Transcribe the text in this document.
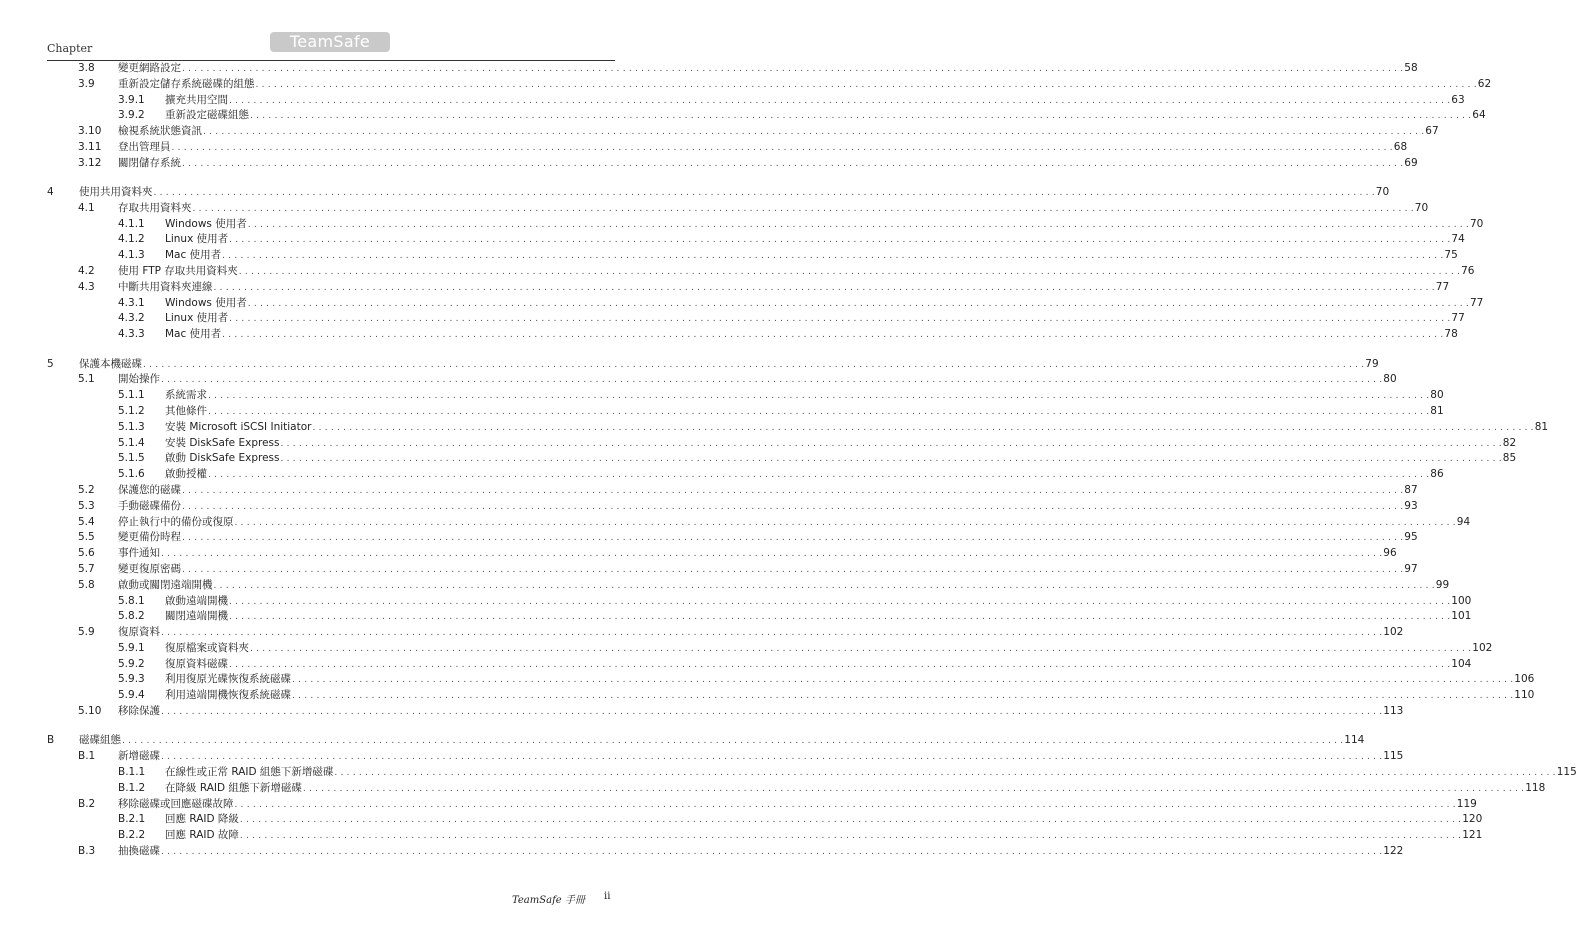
Chapter	TeamSafe
3.8 變更網路設定 . . . . . . . . . . . . . . . . . . . . . . . . . . . . . . . . . . . . . . . . . . . . . . . . . . . . . . . . . . . . . . . . . . . . . . . . . . . . . . . . . . . . . . . . . . . . . . . . . . . . . . . . . . . . . . . . . . . . . . . . . . . . . . . . . . . . . . . . . . . . . . . . . . . . . . . . . . . . . . . . . . . . . . . . . . . . . . . . . . . . . . . . . . . . . . . . . . . . . . . . 58
3.9 重新設定儲存系統磁碟的組態 . . . . . . . . . . . . . . . . . . . . . . . . . . . . . . . . . . . . . . . . . . . . . . . . . . . . . . . . . . . . . . . . . . . . . . . . . . . . . . . . . . . . . . . . . . . . . . . . . . . . . . . . . . . . . . . . . . . . . . . . . . . . . . . . . . . . . . . . . . . . . . . . . . . . . . . . . . . . . . . . . . . . . . . . . . . . . . . . . . . . . . . . . . . . . . . . . . . . . . . . 62
3.9.1 擴充共用空間 . . . . . . . . . . . . . . . . . . . . . . . . . . . . . . . . . . . . . . . . . . . . . . . . . . . . . . . . . . . . . . . . . . . . . . . . . . . . . . . . . . . . . . . . . . . . . . . . . . . . . . . . . . . . . . . . . . . . . . . . . . . . . . . . . . . . . . . . . . . . . . . . . . . . . . . . . . . . . . . . . . . . . . . . . . . . . . . . . . . . . . . . . . . . . . . . . . . . . . . . 63
3.9.2 重新設定磁碟組態 . . . . . . . . . . . . . . . . . . . . . . . . . . . . . . . . . . . . . . . . . . . . . . . . . . . . . . . . . . . . . . . . . . . . . . . . . . . . . . . . . . . . . . . . . . . . . . . . . . . . . . . . . . . . . . . . . . . . . . . . . . . . . . . . . . . . . . . . . . . . . . . . . . . . . . . . . . . . . . . . . . . . . . . . . . . . . . . . . . . . . . . . . . . . . . . . . . . . . . . . 64
3.10 檢視系統狀態資訊 . . . . . . . . . . . . . . . . . . . . . . . . . . . . . . . . . . . . . . . . . . . . . . . . . . . . . . . . . . . . . . . . . . . . . . . . . . . . . . . . . . . . . . . . . . . . . . . . . . . . . . . . . . . . . . . . . . . . . . . . . . . . . . . . . . . . . . . . . . . . . . . . . . . . . . . . . . . . . . . . . . . . . . . . . . . . . . . . . . . . . . . . . . . . . . . . . . . . . . . . 67
3.11 登出管理員 . . . . . . . . . . . . . . . . . . . . . . . . . . . . . . . . . . . . . . . . . . . . . . . . . . . . . . . . . . . . . . . . . . . . . . . . . . . . . . . . . . . . . . . . . . . . . . . . . . . . . . . . . . . . . . . . . . . . . . . . . . . . . . . . . . . . . . . . . . . . . . . . . . . . . . . . . . . . . . . . . . . . . . . . . . . . . . . . . . . . . . . . . . . . . . . . . . . . . . . . 68
3.12 關閉儲存系統 . . . . . . . . . . . . . . . . . . . . . . . . . . . . . . . . . . . . . . . . . . . . . . . . . . . . . . . . . . . . . . . . . . . . . . . . . . . . . . . . . . . . . . . . . . . . . . . . . . . . . . . . . . . . . . . . . . . . . . . . . . . . . . . . . . . . . . . . . . . . . . . . . . . . . . . . . . . . . . . . . . . . . . . . . . . . . . . . . . . . . . . . . . . . . . . . . . . . . . . . 69
4 使用共用資料夾 . . . . . . . . . . . . . . . . . . . . . . . . . . . . . . . . . . . . . . . . . . . . . . . . . . . . . . . . . . . . . . . . . . . . . . . . . . . . . . . . . . . . . . . . . . . . . . . . . . . . . . . . . . . . . . . . . . . . . . . . . . . . . . . . . . . . . . . . . . . . . . . . . . . . . . . . . . . . . . . . . . . . . . . . . . . . . . . . . . . . . . . . . . . . . . . . . . . . . . . . 70
4.1 存取共用資料夾 . . . . . . . . . . . . . . . . . . . . . . . . . . . . . . . . . . . . . . . . . . . . . . . . . . . . . . . . . . . . . . . . . . . . . . . . . . . . . . . . . . . . . . . . . . . . . . . . . . . . . . . . . . . . . . . . . . . . . . . . . . . . . . . . . . . . . . . . . . . . . . . . . . . . . . . . . . . . . . . . . . . . . . . . . . . . . . . . . . . . . . . . . . . . . . . . . . . . . . . . 70
4.1.1 Windows 使用者 . . . . . . . . . . . . . . . . . . . . . . . . . . . . . . . . . . . . . . . . . . . . . . . . . . . . . . . . . . . . . . . . . . . . . . . . . . . . . . . . . . . . . . . . . . . . . . . . . . . . . . . . . . . . . . . . . . . . . . . . . . . . . . . . . . . . . . . . . . . . . . . . . . . . . . . . . . . . . . . . . . . . . . . . . . . . . . . . . . . . . . . . . . . . . . . . . . . . . . . . 70
4.1.2 Linux 使用者 . . . . . . . . . . . . . . . . . . . . . . . . . . . . . . . . . . . . . . . . . . . . . . . . . . . . . . . . . . . . . . . . . . . . . . . . . . . . . . . . . . . . . . . . . . . . . . . . . . . . . . . . . . . . . . . . . . . . . . . . . . . . . . . . . . . . . . . . . . . . . . . . . . . . . . . . . . . . . . . . . . . . . . . . . . . . . . . . . . . . . . . . . . . . . . . . . . . . . . . . 74
4.1.3 Mac 使用者 . . . . . . . . . . . . . . . . . . . . . . . . . . . . . . . . . . . . . . . . . . . . . . . . . . . . . . . . . . . . . . . . . . . . . . . . . . . . . . . . . . . . . . . . . . . . . . . . . . . . . . . . . . . . . . . . . . . . . . . . . . . . . . . . . . . . . . . . . . . . . . . . . . . . . . . . . . . . . . . . . . . . . . . . . . . . . . . . . . . . . . . . . . . . . . . . . . . . . . . . 75
4.2 使用 FTP 存取共用資料夾 . . . . . . . . . . . . . . . . . . . . . . . . . . . . . . . . . . . . . . . . . . . . . . . . . . . . . . . . . . . . . . . . . . . . . . . . . . . . . . . . . . . . . . . . . . . . . . . . . . . . . . . . . . . . . . . . . . . . . . . . . . . . . . . . . . . . . . . . . . . . . . . . . . . . . . . . . . . . . . . . . . . . . . . . . . . . . . . . . . . . . . . . . . . . . . . . . . . . . . . . 76
4.3 中斷共用資料夾連線 . . . . . . . . . . . . . . . . . . . . . . . . . . . . . . . . . . . . . . . . . . . . . . . . . . . . . . . . . . . . . . . . . . . . . . . . . . . . . . . . . . . . . . . . . . . . . . . . . . . . . . . . . . . . . . . . . . . . . . . . . . . . . . . . . . . . . . . . . . . . . . . . . . . . . . . . . . . . . . . . . . . . . . . . . . . . . . . . . . . . . . . . . . . . . . . . . . . . . . . . 77
4.3.1 Windows 使用者 . . . . . . . . . . . . . . . . . . . . . . . . . . . . . . . . . . . . . . . . . . . . . . . . . . . . . . . . . . . . . . . . . . . . . . . . . . . . . . . . . . . . . . . . . . . . . . . . . . . . . . . . . . . . . . . . . . . . . . . . . . . . . . . . . . . . . . . . . . . . . . . . . . . . . . . . . . . . . . . . . . . . . . . . . . . . . . . . . . . . . . . . . . . . . . . . . . . . . . . . 77
4.3.2 Linux 使用者 . . . . . . . . . . . . . . . . . . . . . . . . . . . . . . . . . . . . . . . . . . . . . . . . . . . . . . . . . . . . . . . . . . . . . . . . . . . . . . . . . . . . . . . . . . . . . . . . . . . . . . . . . . . . . . . . . . . . . . . . . . . . . . . . . . . . . . . . . . . . . . . . . . . . . . . . . . . . . . . . . . . . . . . . . . . . . . . . . . . . . . . . . . . . . . . . . . . . . . . . 77
4.3.3 Mac 使用者 . . . . . . . . . . . . . . . . . . . . . . . . . . . . . . . . . . . . . . . . . . . . . . . . . . . . . . . . . . . . . . . . . . . . . . . . . . . . . . . . . . . . . . . . . . . . . . . . . . . . . . . . . . . . . . . . . . . . . . . . . . . . . . . . . . . . . . . . . . . . . . . . . . . . . . . . . . . . . . . . . . . . . . . . . . . . . . . . . . . . . . . . . . . . . . . . . . . . . . . . 78
5 保護本機磁碟 . . . . . . . . . . . . . . . . . . . . . . . . . . . . . . . . . . . . . . . . . . . . . . . . . . . . . . . . . . . . . . . . . . . . . . . . . . . . . . . . . . . . . . . . . . . . . . . . . . . . . . . . . . . . . . . . . . . . . . . . . . . . . . . . . . . . . . . . . . . . . . . . . . . . . . . . . . . . . . . . . . . . . . . . . . . . . . . . . . . . . . . . . . . . . . . . . . . . . . . . 79
5.1 開始操作 . . . . . . . . . . . . . . . . . . . . . . . . . . . . . . . . . . . . . . . . . . . . . . . . . . . . . . . . . . . . . . . . . . . . . . . . . . . . . . . . . . . . . . . . . . . . . . . . . . . . . . . . . . . . . . . . . . . . . . . . . . . . . . . . . . . . . . . . . . . . . . . . . . . . . . . . . . . . . . . . . . . . . . . . . . . . . . . . . . . . . . . . . . . . . . . . . . . . . . . . 80
5.1.1 系統需求 . . . . . . . . . . . . . . . . . . . . . . . . . . . . . . . . . . . . . . . . . . . . . . . . . . . . . . . . . . . . . . . . . . . . . . . . . . . . . . . . . . . . . . . . . . . . . . . . . . . . . . . . . . . . . . . . . . . . . . . . . . . . . . . . . . . . . . . . . . . . . . . . . . . . . . . . . . . . . . . . . . . . . . . . . . . . . . . . . . . . . . . . . . . . . . . . . . . . . . . . 80
5.1.2 其他條件 . . . . . . . . . . . . . . . . . . . . . . . . . . . . . . . . . . . . . . . . . . . . . . . . . . . . . . . . . . . . . . . . . . . . . . . . . . . . . . . . . . . . . . . . . . . . . . . . . . . . . . . . . . . . . . . . . . . . . . . . . . . . . . . . . . . . . . . . . . . . . . . . . . . . . . . . . . . . . . . . . . . . . . . . . . . . . . . . . . . . . . . . . . . . . . . . . . . . . . . . 81
5.1.3 安裝 Microsoft iSCSI Initiator . . . . . . . . . . . . . . . . . . . . . . . . . . . . . . . . . . . . . . . . . . . . . . . . . . . . . . . . . . . . . . . . . . . . . . . . . . . . . . . . . . . . . . . . . . . . . . . . . . . . . . . . . . . . . . . . . . . . . . . . . . . . . . . . . . . . . . . . . . . . . . . . . . . . . . . . . . . . . . . . . . . . . . . . . . . . . . . . . . . . . . . . . . . . . . . . . . . . . . . . 81
5.1.4 安裝 DiskSafe Express . . . . . . . . . . . . . . . . . . . . . . . . . . . . . . . . . . . . . . . . . . . . . . . . . . . . . . . . . . . . . . . . . . . . . . . . . . . . . . . . . . . . . . . . . . . . . . . . . . . . . . . . . . . . . . . . . . . . . . . . . . . . . . . . . . . . . . . . . . . . . . . . . . . . . . . . . . . . . . . . . . . . . . . . . . . . . . . . . . . . . . . . . . . . . . . . . . . . . . . . 82
5.1.5 啟動 DiskSafe Express . . . . . . . . . . . . . . . . . . . . . . . . . . . . . . . . . . . . . . . . . . . . . . . . . . . . . . . . . . . . . . . . . . . . . . . . . . . . . . . . . . . . . . . . . . . . . . . . . . . . . . . . . . . . . . . . . . . . . . . . . . . . . . . . . . . . . . . . . . . . . . . . . . . . . . . . . . . . . . . . . . . . . . . . . . . . . . . . . . . . . . . . . . . . . . . . . . . . . . . . 85
5.1.6 啟動授權 . . . . . . . . . . . . . . . . . . . . . . . . . . . . . . . . . . . . . . . . . . . . . . . . . . . . . . . . . . . . . . . . . . . . . . . . . . . . . . . . . . . . . . . . . . . . . . . . . . . . . . . . . . . . . . . . . . . . . . . . . . . . . . . . . . . . . . . . . . . . . . . . . . . . . . . . . . . . . . . . . . . . . . . . . . . . . . . . . . . . . . . . . . . . . . . . . . . . . . . . 86
5.2 保護您的磁碟 . . . . . . . . . . . . . . . . . . . . . . . . . . . . . . . . . . . . . . . . . . . . . . . . . . . . . . . . . . . . . . . . . . . . . . . . . . . . . . . . . . . . . . . . . . . . . . . . . . . . . . . . . . . . . . . . . . . . . . . . . . . . . . . . . . . . . . . . . . . . . . . . . . . . . . . . . . . . . . . . . . . . . . . . . . . . . . . . . . . . . . . . . . . . . . . . . . . . . . . . 87
5.3 手動磁碟備份 . . . . . . . . . . . . . . . . . . . . . . . . . . . . . . . . . . . . . . . . . . . . . . . . . . . . . . . . . . . . . . . . . . . . . . . . . . . . . . . . . . . . . . . . . . . . . . . . . . . . . . . . . . . . . . . . . . . . . . . . . . . . . . . . . . . . . . . . . . . . . . . . . . . . . . . . . . . . . . . . . . . . . . . . . . . . . . . . . . . . . . . . . . . . . . . . . . . . . . . . 93
5.4 停止執行中的備份或復原 . . . . . . . . . . . . . . . . . . . . . . . . . . . . . . . . . . . . . . . . . . . . . . . . . . . . . . . . . . . . . . . . . . . . . . . . . . . . . . . . . . . . . . . . . . . . . . . . . . . . . . . . . . . . . . . . . . . . . . . . . . . . . . . . . . . . . . . . . . . . . . . . . . . . . . . . . . . . . . . . . . . . . . . . . . . . . . . . . . . . . . . . . . . . . . . . . . . . . . . . 94
5.5 變更備份時程 . . . . . . . . . . . . . . . . . . . . . . . . . . . . . . . . . . . . . . . . . . . . . . . . . . . . . . . . . . . . . . . . . . . . . . . . . . . . . . . . . . . . . . . . . . . . . . . . . . . . . . . . . . . . . . . . . . . . . . . . . . . . . . . . . . . . . . . . . . . . . . . . . . . . . . . . . . . . . . . . . . . . . . . . . . . . . . . . . . . . . . . . . . . . . . . . . . . . . . . . 95
5.6 事件通知 . . . . . . . . . . . . . . . . . . . . . . . . . . . . . . . . . . . . . . . . . . . . . . . . . . . . . . . . . . . . . . . . . . . . . . . . . . . . . . . . . . . . . . . . . . . . . . . . . . . . . . . . . . . . . . . . . . . . . . . . . . . . . . . . . . . . . . . . . . . . . . . . . . . . . . . . . . . . . . . . . . . . . . . . . . . . . . . . . . . . . . . . . . . . . . . . . . . . . . . . 96
5.7 變更復原密碼 . . . . . . . . . . . . . . . . . . . . . . . . . . . . . . . . . . . . . . . . . . . . . . . . . . . . . . . . . . . . . . . . . . . . . . . . . . . . . . . . . . . . . . . . . . . . . . . . . . . . . . . . . . . . . . . . . . . . . . . . . . . . . . . . . . . . . . . . . . . . . . . . . . . . . . . . . . . . . . . . . . . . . . . . . . . . . . . . . . . . . . . . . . . . . . . . . . . . . . . . 97
5.8 啟動或關閉遠端開機 . . . . . . . . . . . . . . . . . . . . . . . . . . . . . . . . . . . . . . . . . . . . . . . . . . . . . . . . . . . . . . . . . . . . . . . . . . . . . . . . . . . . . . . . . . . . . . . . . . . . . . . . . . . . . . . . . . . . . . . . . . . . . . . . . . . . . . . . . . . . . . . . . . . . . . . . . . . . . . . . . . . . . . . . . . . . . . . . . . . . . . . . . . . . . . . . . . . . . . . . 99
5.8.1 啟動遠端開機 . . . . . . . . . . . . . . . . . . . . . . . . . . . . . . . . . . . . . . . . . . . . . . . . . . . . . . . . . . . . . . . . . . . . . . . . . . . . . . . . . . . . . . . . . . . . . . . . . . . . . . . . . . . . . . . . . . . . . . . . . . . . . . . . . . . . . . . . . . . . . . . . . . . . . . . . . . . . . . . . . . . . . . . . . . . . . . . . . . . . . . . . . . . . . . . . . . . . . . . . 100
5.8.2 關閉遠端開機 . . . . . . . . . . . . . . . . . . . . . . . . . . . . . . . . . . . . . . . . . . . . . . . . . . . . . . . . . . . . . . . . . . . . . . . . . . . . . . . . . . . . . . . . . . . . . . . . . . . . . . . . . . . . . . . . . . . . . . . . . . . . . . . . . . . . . . . . . . . . . . . . . . . . . . . . . . . . . . . . . . . . . . . . . . . . . . . . . . . . . . . . . . . . . . . . . . . . . . . . 101
5.9 復原資料 . . . . . . . . . . . . . . . . . . . . . . . . . . . . . . . . . . . . . . . . . . . . . . . . . . . . . . . . . . . . . . . . . . . . . . . . . . . . . . . . . . . . . . . . . . . . . . . . . . . . . . . . . . . . . . . . . . . . . . . . . . . . . . . . . . . . . . . . . . . . . . . . . . . . . . . . . . . . . . . . . . . . . . . . . . . . . . . . . . . . . . . . . . . . . . . . . . . . . . . . 102
5.9.1 復原檔案或資料夾 . . . . . . . . . . . . . . . . . . . . . . . . . . . . . . . . . . . . . . . . . . . . . . . . . . . . . . . . . . . . . . . . . . . . . . . . . . . . . . . . . . . . . . . . . . . . . . . . . . . . . . . . . . . . . . . . . . . . . . . . . . . . . . . . . . . . . . . . . . . . . . . . . . . . . . . . . . . . . . . . . . . . . . . . . . . . . . . . . . . . . . . . . . . . . . . . . . . . . . . . 102
5.9.2 復原資料磁碟 . . . . . . . . . . . . . . . . . . . . . . . . . . . . . . . . . . . . . . . . . . . . . . . . . . . . . . . . . . . . . . . . . . . . . . . . . . . . . . . . . . . . . . . . . . . . . . . . . . . . . . . . . . . . . . . . . . . . . . . . . . . . . . . . . . . . . . . . . . . . . . . . . . . . . . . . . . . . . . . . . . . . . . . . . . . . . . . . . . . . . . . . . . . . . . . . . . . . . . . . 104
5.9.3 利用復原光碟恢復系統磁碟 . . . . . . . . . . . . . . . . . . . . . . . . . . . . . . . . . . . . . . . . . . . . . . . . . . . . . . . . . . . . . . . . . . . . . . . . . . . . . . . . . . . . . . . . . . . . . . . . . . . . . . . . . . . . . . . . . . . . . . . . . . . . . . . . . . . . . . . . . . . . . . . . . . . . . . . . . . . . . . . . . . . . . . . . . . . . . . . . . . . . . . . . . . . . . . . . . . . . . . . . 106
5.9.4 利用遠端開機恢復系統磁碟 . . . . . . . . . . . . . . . . . . . . . . . . . . . . . . . . . . . . . . . . . . . . . . . . . . . . . . . . . . . . . . . . . . . . . . . . . . . . . . . . . . . . . . . . . . . . . . . . . . . . . . . . . . . . . . . . . . . . . . . . . . . . . . . . . . . . . . . . . . . . . . . . . . . . . . . . . . . . . . . . . . . . . . . . . . . . . . . . . . . . . . . . . . . . . . . . . . . . . . . . 110
5.10 移除保護 . . . . . . . . . . . . . . . . . . . . . . . . . . . . . . . . . . . . . . . . . . . . . . . . . . . . . . . . . . . . . . . . . . . . . . . . . . . . . . . . . . . . . . . . . . . . . . . . . . . . . . . . . . . . . . . . . . . . . . . . . . . . . . . . . . . . . . . . . . . . . . . . . . . . . . . . . . . . . . . . . . . . . . . . . . . . . . . . . . . . . . . . . . . . . . . . . . . . . . . . 113
B 磁碟組態 . . . . . . . . . . . . . . . . . . . . . . . . . . . . . . . . . . . . . . . . . . . . . . . . . . . . . . . . . . . . . . . . . . . . . . . . . . . . . . . . . . . . . . . . . . . . . . . . . . . . . . . . . . . . . . . . . . . . . . . . . . . . . . . . . . . . . . . . . . . . . . . . . . . . . . . . . . . . . . . . . . . . . . . . . . . . . . . . . . . . . . . . . . . . . . . . . . . . . . . . 114
B.1 新增磁碟 . . . . . . . . . . . . . . . . . . . . . . . . . . . . . . . . . . . . . . . . . . . . . . . . . . . . . . . . . . . . . . . . . . . . . . . . . . . . . . . . . . . . . . . . . . . . . . . . . . . . . . . . . . . . . . . . . . . . . . . . . . . . . . . . . . . . . . . . . . . . . . . . . . . . . . . . . . . . . . . . . . . . . . . . . . . . . . . . . . . . . . . . . . . . . . . . . . . . . . . . 115
B.1.1 在線性或正常 RAID 組態下新增磁碟 . . . . . . . . . . . . . . . . . . . . . . . . . . . . . . . . . . . . . . . . . . . . . . . . . . . . . . . . . . . . . . . . . . . . . . . . . . . . . . . . . . . . . . . . . . . . . . . . . . . . . . . . . . . . . . . . . . . . . . . . . . . . . . . . . . . . . . . . . . . . . . . . . . . . . . . . . . . . . . . . . . . . . . . . . . . . . . . . . . . . . . . . . . . . . . . . . . . . . . . . 115
B.1.2 在降級 RAID 組態下新增磁碟 . . . . . . . . . . . . . . . . . . . . . . . . . . . . . . . . . . . . . . . . . . . . . . . . . . . . . . . . . . . . . . . . . . . . . . . . . . . . . . . . . . . . . . . . . . . . . . . . . . . . . . . . . . . . . . . . . . . . . . . . . . . . . . . . . . . . . . . . . . . . . . . . . . . . . . . . . . . . . . . . . . . . . . . . . . . . . . . . . . . . . . . . . . . . . . . . . . . . . . . . 118
B.2 移除磁碟或回應磁碟故障 . . . . . . . . . . . . . . . . . . . . . . . . . . . . . . . . . . . . . . . . . . . . . . . . . . . . . . . . . . . . . . . . . . . . . . . . . . . . . . . . . . . . . . . . . . . . . . . . . . . . . . . . . . . . . . . . . . . . . . . . . . . . . . . . . . . . . . . . . . . . . . . . . . . . . . . . . . . . . . . . . . . . . . . . . . . . . . . . . . . . . . . . . . . . . . . . . . . . . . . . 119
B.2.1 回應 RAID 降級 . . . . . . . . . . . . . . . . . . . . . . . . . . . . . . . . . . . . . . . . . . . . . . . . . . . . . . . . . . . . . . . . . . . . . . . . . . . . . . . . . . . . . . . . . . . . . . . . . . . . . . . . . . . . . . . . . . . . . . . . . . . . . . . . . . . . . . . . . . . . . . . . . . . . . . . . . . . . . . . . . . . . . . . . . . . . . . . . . . . . . . . . . . . . . . . . . . . . . . . . 120
B.2.2 回應 RAID 故障 . . . . . . . . . . . . . . . . . . . . . . . . . . . . . . . . . . . . . . . . . . . . . . . . . . . . . . . . . . . . . . . . . . . . . . . . . . . . . . . . . . . . . . . . . . . . . . . . . . . . . . . . . . . . . . . . . . . . . . . . . . . . . . . . . . . . . . . . . . . . . . . . . . . . . . . . . . . . . . . . . . . . . . . . . . . . . . . . . . . . . . . . . . . . . . . . . . . . . . . . 121
B.3 抽換磁碟 . . . . . . . . . . . . . . . . . . . . . . . . . . . . . . . . . . . . . . . . . . . . . . . . . . . . . . . . . . . . . . . . . . . . . . . . . . . . . . . . . . . . . . . . . . . . . . . . . . . . . . . . . . . . . . . . . . . . . . . . . . . . . . . . . . . . . . . . . . . . . . . . . . . . . . . . . . . . . . . . . . . . . . . . . . . . . . . . . . . . . . . . . . . . . . . . . . . . . . . . 122
TeamSafe 手冊 ii
